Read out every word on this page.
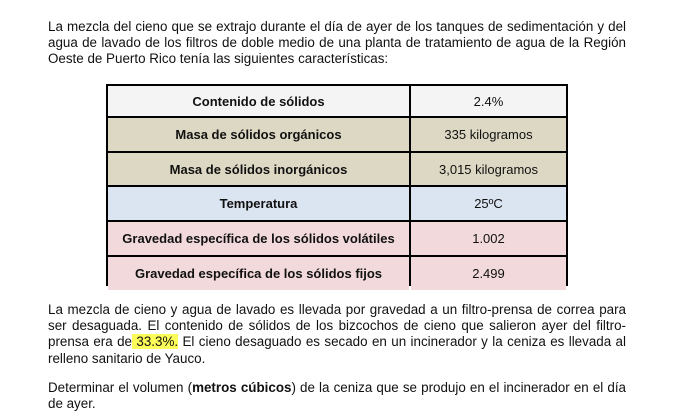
La mezcla del cieno que se extrajo durante el día de ayer de los tanques de sedimentación y del agua de lavado de los filtros de doble medio de una planta de tratamiento de agua de la Región Oeste de Puerto Rico tenía las siguientes características:

Contenido de sólidos	2.4%
Masa de sólidos orgánicos	335 kilogramos
Masa de sólidos inorgánicos	3,015 kilogramos
Temperatura	25ºC
Gravedad específica de los sólidos volátiles	1.002
Gravedad específica de los sólidos fijos	2.499

La mezcla de cieno y agua de lavado es llevada por gravedad a un filtro-prensa de correa para ser desaguada. El contenido de sólidos de los bizcochos de cieno que salieron ayer del filtro-prensa era de 33.3%. El cieno desaguado es secado en un incinerador y la ceniza es llevada al relleno sanitario de Yauco.

Determinar el volumen (metros cúbicos) de la ceniza que se produjo en el incinerador en el día de ayer.
